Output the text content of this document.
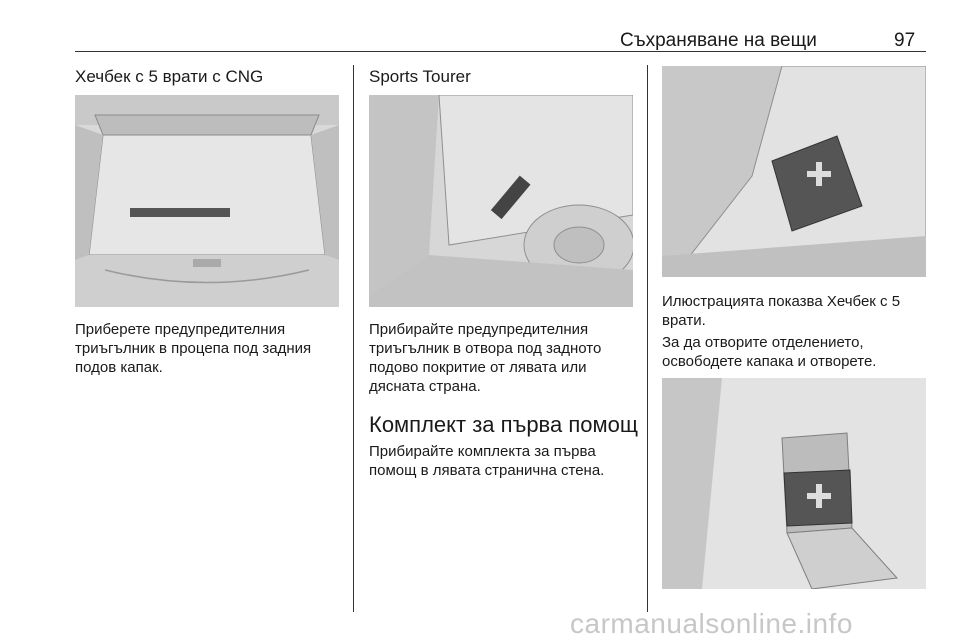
Съхраняване на вещи	97
Хечбек с 5 врати с CNG
Приберете предупредителния
триъгълник в процепа под задния
подов капак.
Sports Tourer
Прибирайте предупредителния
триъгълник в отвора под задното
подово покритие от лявата или
дясната страна.
Комплект за първа помощ
Прибирайте комплекта за първа
помощ в лявата странична стена.
Илюстрацията показва Хечбек с 5
врати.
За да отворите отделението,
освободете капака и отворете.
carmanualsonline.info
